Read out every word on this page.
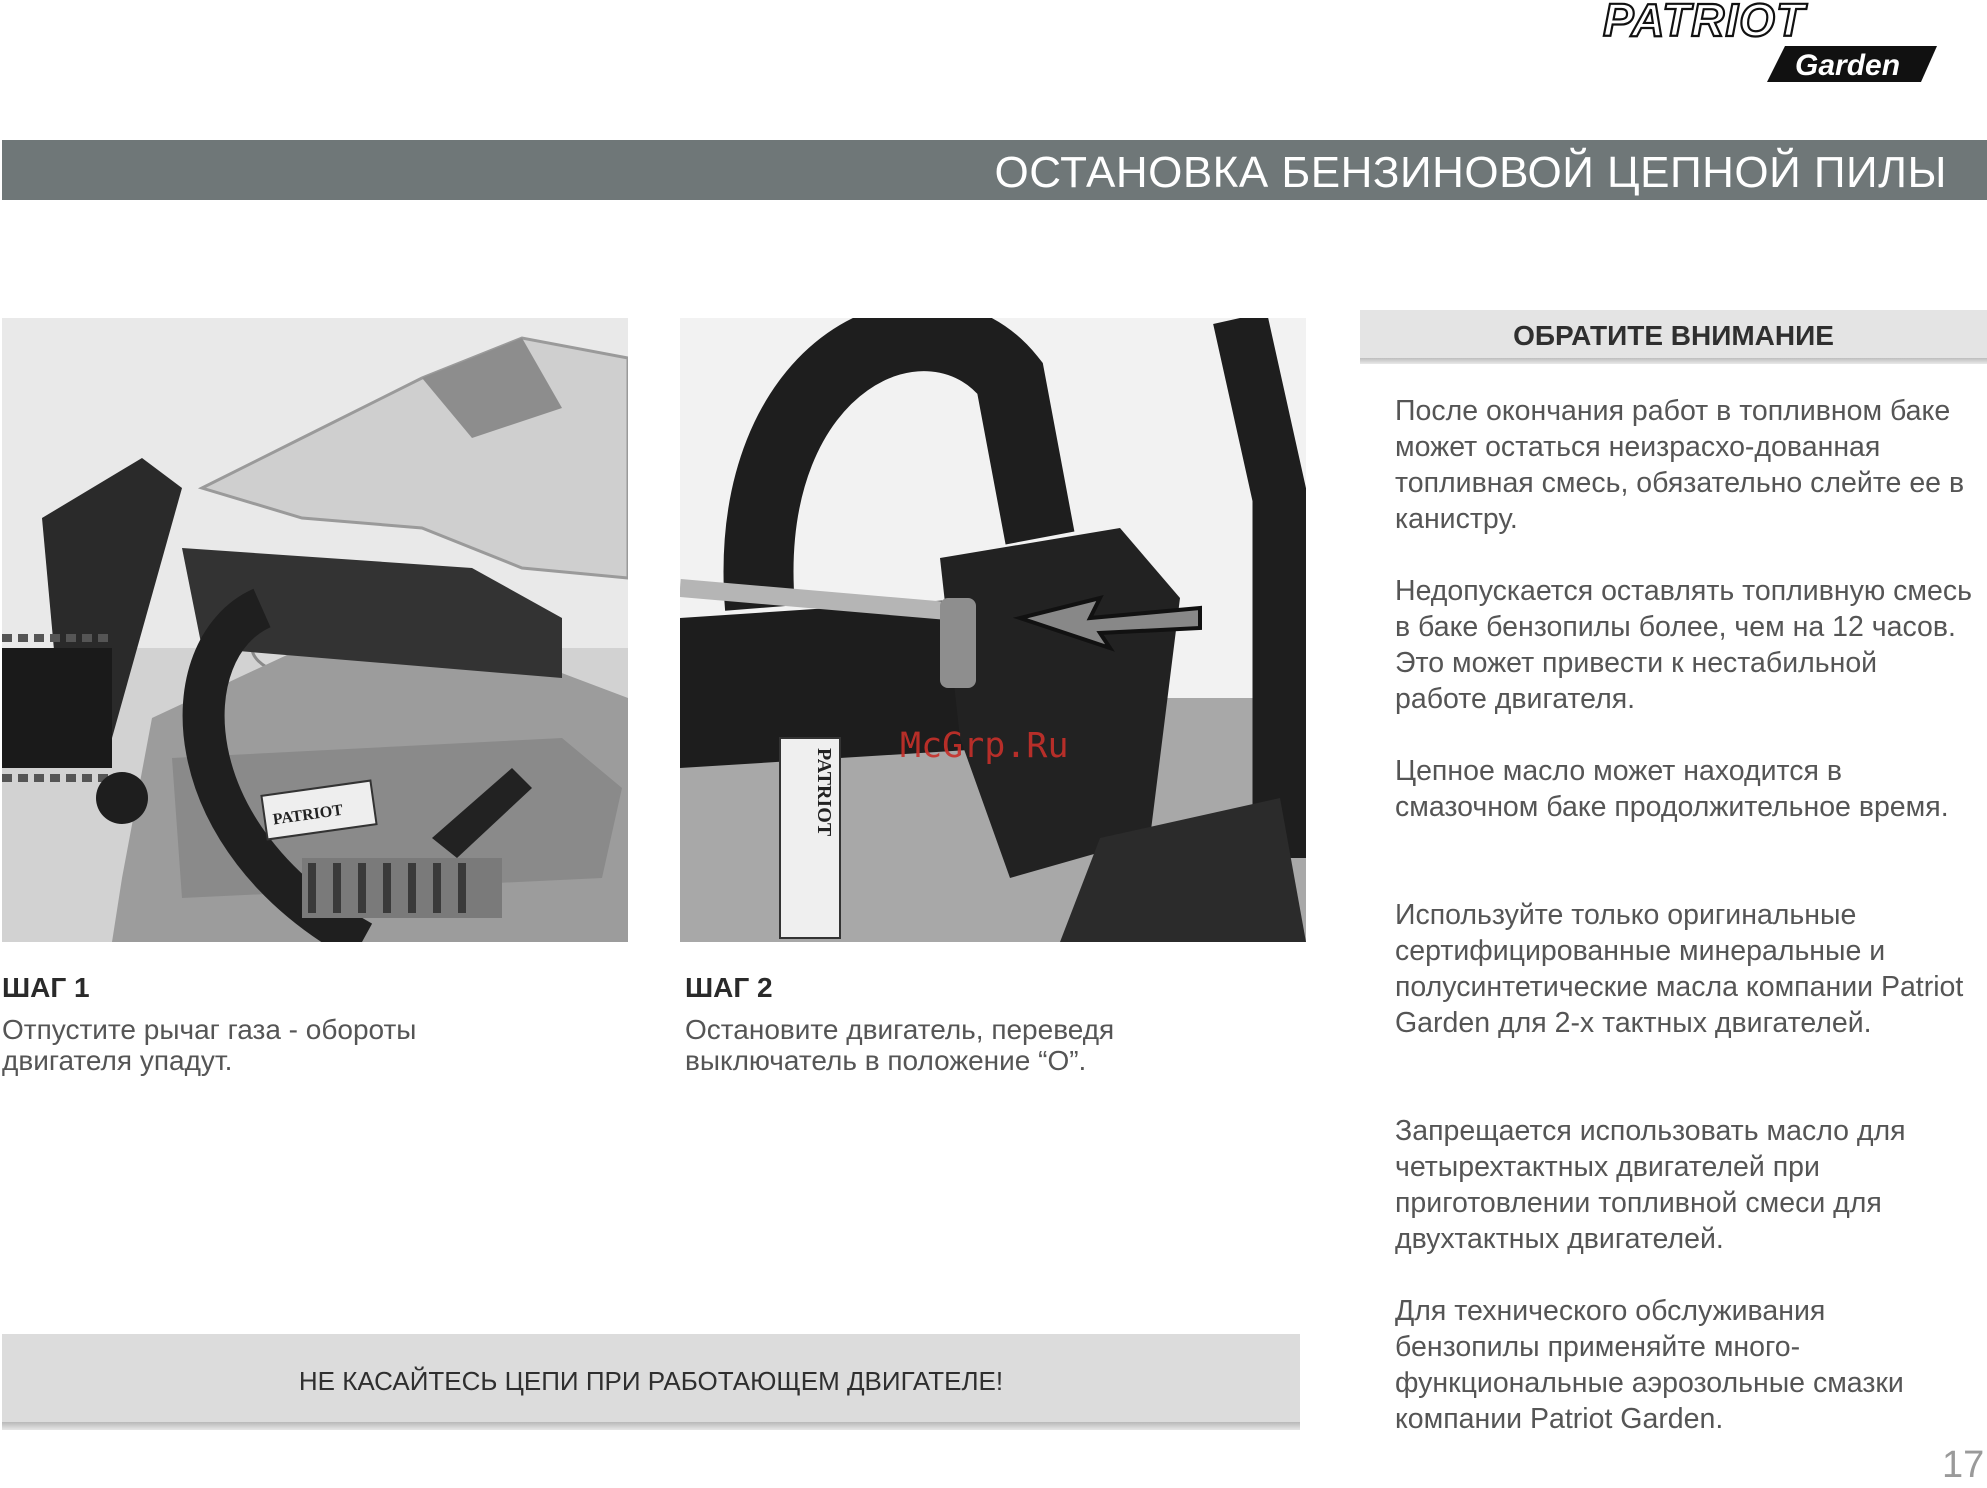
PATRIOT
Garden
ОСТАНОВКА БЕНЗИНОВОЙ ЦЕПНОЙ ПИЛЫ
PATRIOT	PATRIOT
McGrp.Ru
ШАГ 1

Отпустите рычаг газа - обороты двигателя упадут.

ШАГ 2

Остановите двигатель, переведя выключатель в положение “О”.

ОБРАТИТЕ ВНИМАНИЕ

После окончания работ в топливном баке может остаться неизрасхо-дованная топливная смесь, обязательно слейте ее в канистру.

Недопускается оставлять топливную смесь в баке бензопилы более, чем на 12 часов. Это может привести к нестабильной работе двигателя.

Цепное масло может находится в смазочном баке продолжительное время.

Используйте только оригинальные сертифицированные минеральные и полусинтетические масла компании Patriot Garden для 2-х тактных двигателей.

Запрещается использовать масло для четырехтактных двигателей при приготовлении топливной смеси для двухтактных двигателей.

Для технического обслуживания бензопилы применяйте много-функциональные аэрозольные смазки компании Patriot Garden.

НЕ КАСАЙТЕСЬ ЦЕПИ ПРИ РАБОТАЮЩЕМ ДВИГАТЕЛЕ!

17
